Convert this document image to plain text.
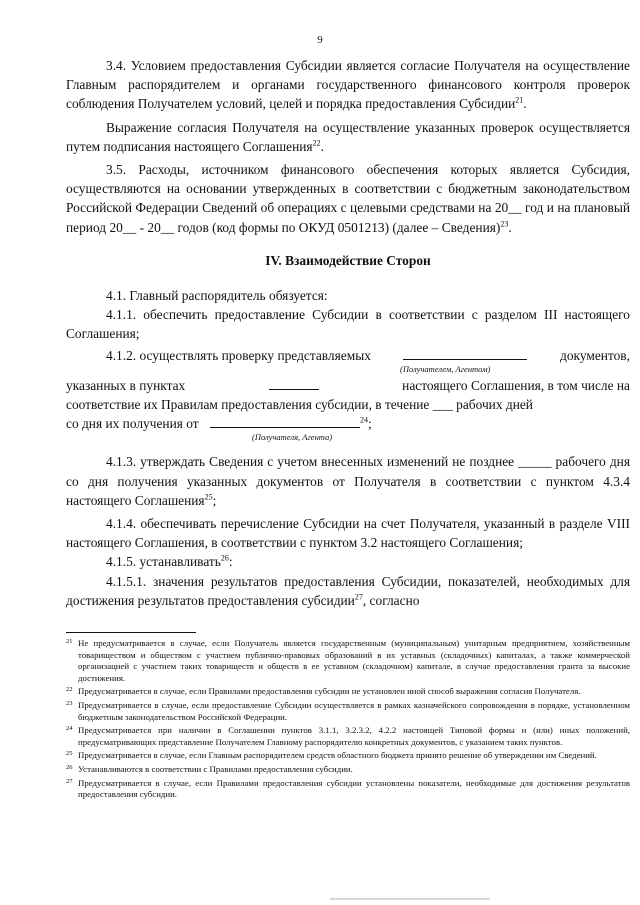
9

3.4. Условием предоставления Субсидии является согласие Получателя на осуществление Главным распорядителем и органами государственного финансового контроля проверок соблюдения Получателем условий, целей и порядка предоставления Субсидии$^{21}$.

Выражение согласия Получателя на осуществление указанных проверок осуществляется путем подписания настоящего Соглашения$^{22}$.

3.5. Расходы, источником финансового обеспечения которых является Субсидия, осуществляются на основании утвержденных в соответствии с бюджетным законодательством Российской Федерации Сведений об операциях с целевыми средствами на 20__ год и на плановый период 20__ - 20__ годов (код формы по ОКУД 0501213) (далее – Сведения)$^{23}$.

IV. Взаимодействие Сторон

4.1. Главный распорядитель обязуется:

4.1.1. обеспечить предоставление Субсидии в соответствии с разделом III настоящего Соглашения;

4.1.2. осуществлять проверку представляемых	документов,
(Получателем, Агентом)
указанных в пунктах	настоящего Соглашения, в том числе на
соответствие их Правилам предоставления субсидии, в течение ___ рабочих дней
со дня их получения от	$^{24}$;
(Получателя, Агента)

4.1.3. утверждать Сведения с учетом внесенных изменений не позднее _____ рабочего дня со дня получения указанных документов от Получателя в соответствии с пунктом 4.3.4 настоящего Соглашения$^{25}$;

4.1.4. обеспечивать перечисление Субсидии на счет Получателя, указанный в разделе VIII настоящего Соглашения, в соответствии с пунктом 3.2 настоящего Соглашения;

4.1.5. устанавливать$^{26}$:

4.1.5.1. значения результатов предоставления Субсидии, показателей, необходимых для достижения результатов предоставления субсидии$^{27}$, согласно

21 Не предусматривается в случае, если Получатель является государственным (муниципальным) унитарным предприятием, хозяйственным товариществом и обществом с участием публично-правовых образований в их уставных (складочных) капиталах, а также коммерческой организацией с участием таких товариществ и обществ в ее уставном (складочном) капитале, в случае предоставления гранта за высокие достижения.
22 Предусматривается в случае, если Правилами предоставления субсидии не установлен иной способ выражения согласия Получателя.
23 Предусматривается в случае, если предоставление Субсидии осуществляется в рамках казначейского сопровождения в порядке, установленном бюджетным законодательством Российской Федерации.
24 Предусматривается при наличии в Соглашении пунктов 3.1.1, 3.2.3.2, 4.2.2 настоящей Типовой формы и (или) иных положений, предусматривающих представление Получателем Главному распорядителю конкретных документов, с указанием таких пунктов.
25 Предусматривается в случае, если Главным распорядителем средств областного бюджета принято решение об утверждении им Сведений.
26 Устанавливаются в соответствии с Правилами предоставления субсидии.
27 Предусматривается в случае, если Правилами предоставления субсидии установлены показатели, необходимые для достижения результатов предоставления субсидии.
